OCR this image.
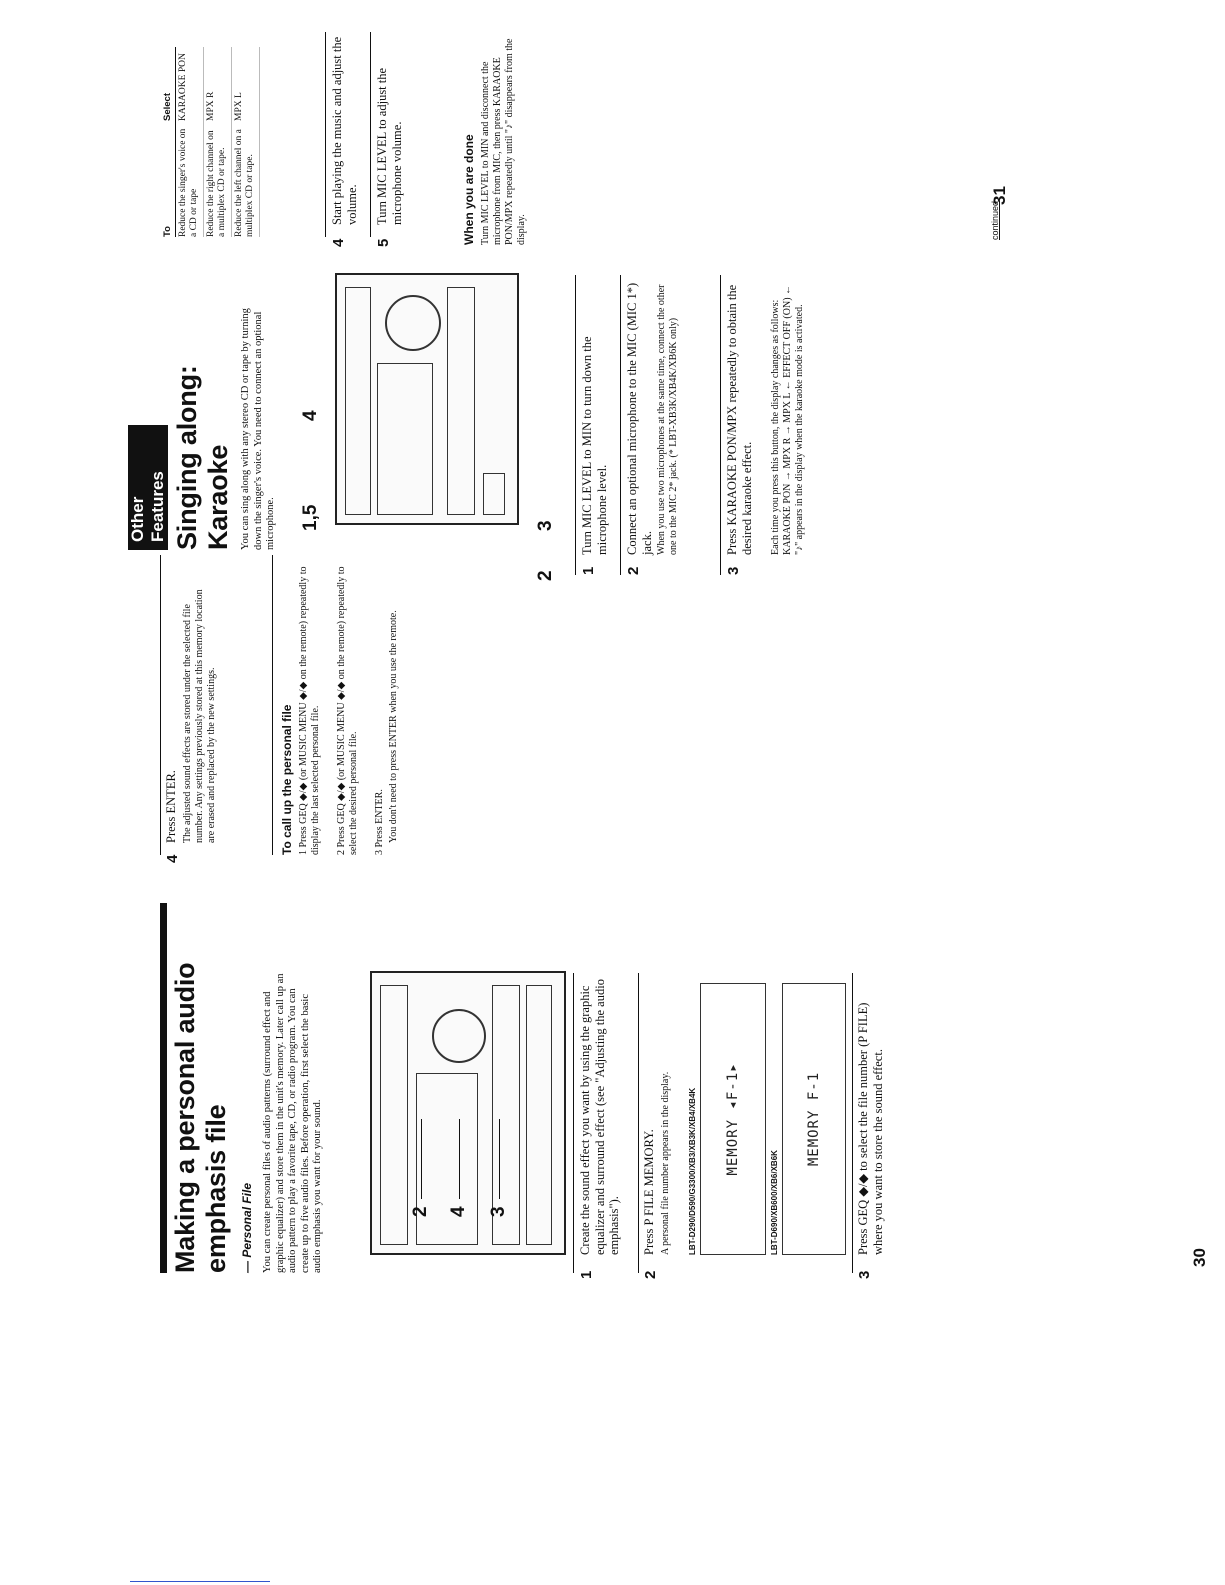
Making a personal audio emphasis file — Personal File You can create personal files of audio patterns (surround effect and graphic equalizer) and store them in the unit's memory. Later call up an audio pattern to play a favorite tape, CD, or radio program. You can create up to five audio files. Before operation, first select the basic audio emphasis you want for your sound.	2 4 3
1
Create the sound effect you want by using the graphic equalizer and surround effect (see "Adjusting the audio emphasis").
2
Press P FILE MEMORY. A personal file number appears in the display. LBT-D290/D590/G3300/XB3/XB3K/XB4/XB4K	MEMORY ◂F-1▸
LBT-D690/XB600/XB6/XB6K
MEMORY F-1
3
Press GEQ ◆/◆ to select the file number (P FILE) where you want to store the sound effect.
30
4
Press ENTER. The adjusted sound effects are stored under the selected file number. Any settings previously stored at this memory location are erased and replaced by the new settings.	To call up the personal file 1 Press GEQ ◆/◆ (or MUSIC MENU ◆/◆ on the remote) repeatedly to display the last selected personal file. 2 Press GEQ ◆/◆ (or MUSIC MENU ◆/◆ on the remote) repeatedly to select the desired personal file. 3 Press ENTER. You don't need to press ENTER when you use the remote.
Other Features Singing along: Karaoke You can sing along with any stereo CD or tape by turning down the singer's voice. You need to connect an optional microphone. 1,5
4
2
3
1
Turn MIC LEVEL to MIN to turn down the microphone level.
2
Connect an optional microphone to the MIC (MIC 1*) jack. When you use two microphones at the same time, connect the other one to the MIC 2* jack. (* LBT-XB3K/XB4K/XB6K only)
3
Press KARAOKE PON/MPX repeatedly to obtain the desired karaoke effect. Each time you press this button, the display changes as follows: KARAOKE PON → MPX R → MPX L ← EFFECT OFF (ON) ← "♪" appears in the display when the karaoke mode is activated.
To	Select
Reduce the singer's voice on a CD or tape	KARAOKE PON
Reduce the right channel on a multiplex CD or tape.	MPX R
Reduce the left channel on a multiplex CD or tape.	MPX L
4
Start playing the music and adjust the volume.
5
Turn MIC LEVEL to adjust the microphone volume.	When you are done Turn MIC LEVEL to MIN and disconnect the microphone from MIC, then press KARAOKE PON/MPX repeatedly until "♪" disappears from the display.	continued
31
